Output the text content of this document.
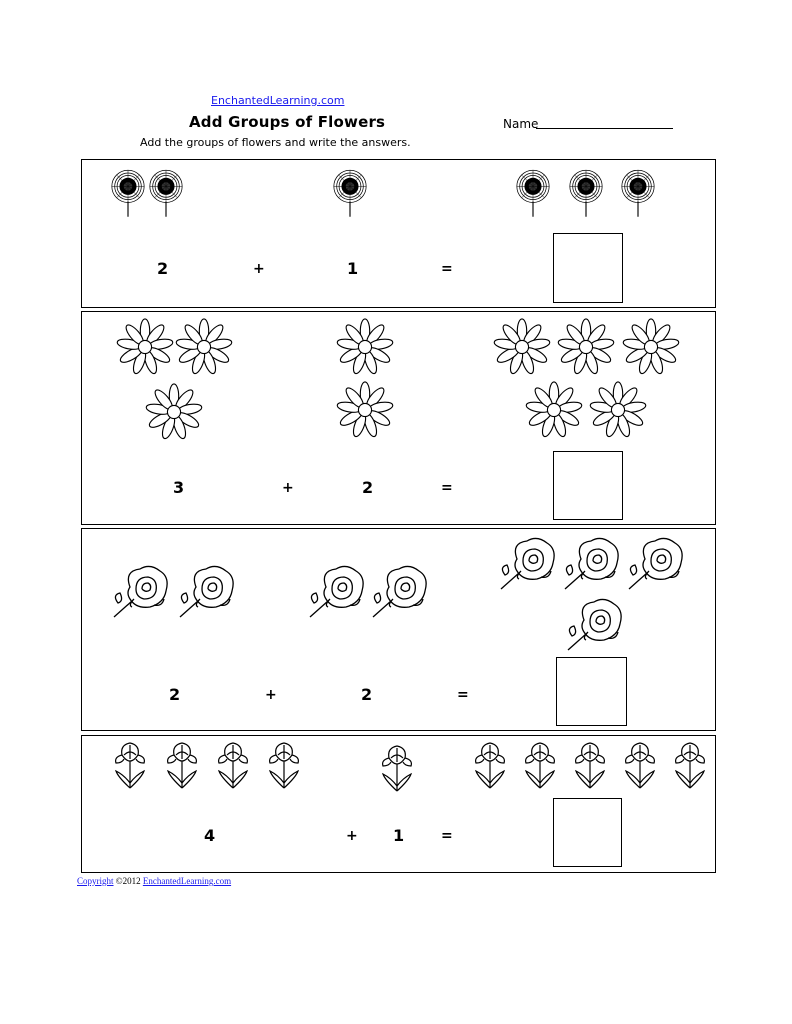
EnchantedLearning.com
Add Groups of Flowers	Name
Add the groups of flowers and write the answers.
2	+	1	=
3	+	2	=
2	+	2	=
4	+ 1	=
Copyright ©2012 EnchantedLearning.com
